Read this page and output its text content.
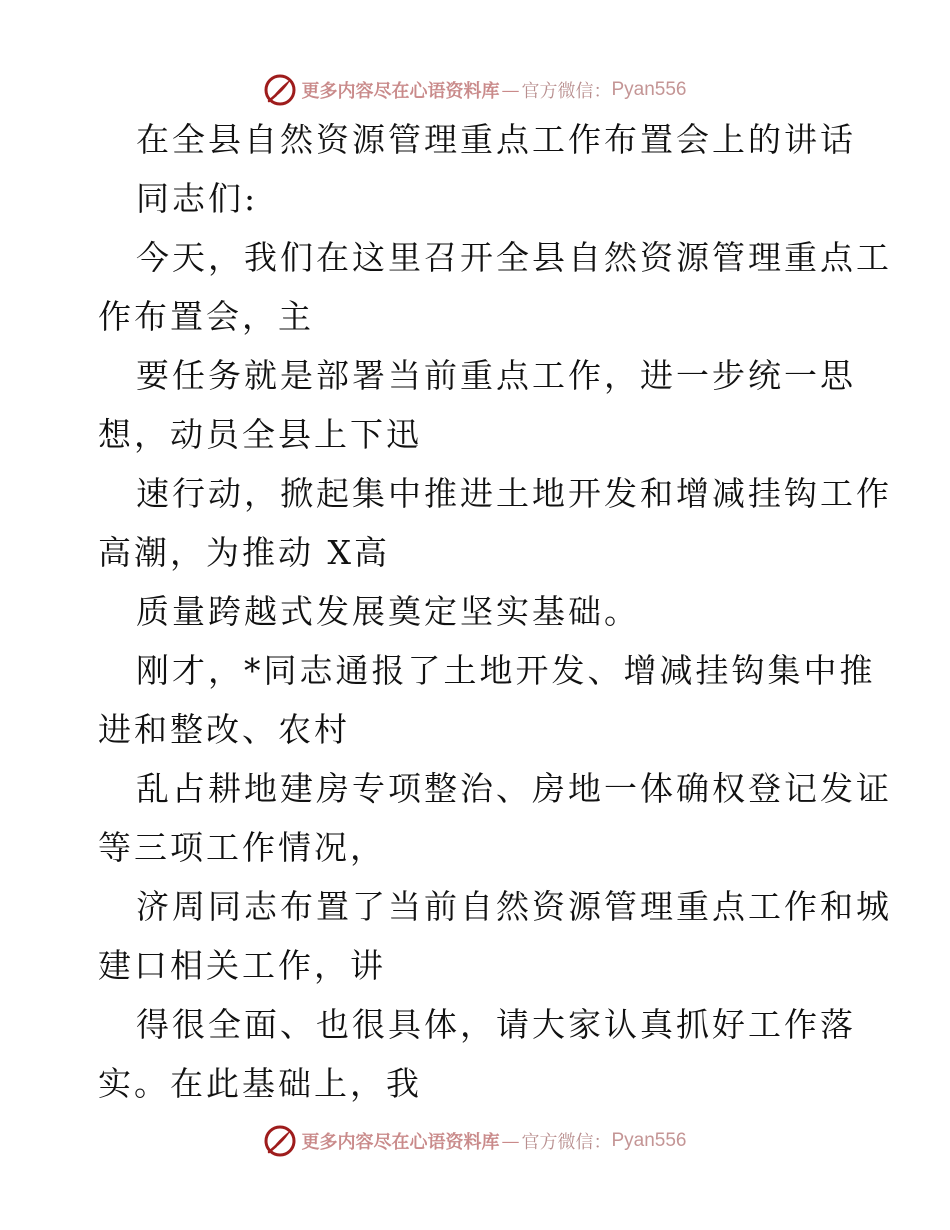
更多内容尽在心语资料库 — 官方微信： Pyan556
在全县自然资源管理重点工作布置会上的讲话
同志们:
今天，我们在这里召开全县自然资源管理重点工
作布置会，主
要任务就是部署当前重点工作，进一步统一思
想，动员全县上下迅
速行动，掀起集中推进土地开发和增减挂钩工作
高潮，为推动 X高
质量跨越式发展奠定坚实基础。
刚才，*同志通报了土地开发、增减挂钩集中推
进和整改、农村
乱占耕地建房专项整治、房地一体确权登记发证
等三项工作情况，
济周同志布置了当前自然资源管理重点工作和城
建口相关工作，讲
得很全面、也很具体，请大家认真抓好工作落
实。在此基础上，我
更多内容尽在心语资料库 — 官方微信： Pyan556
